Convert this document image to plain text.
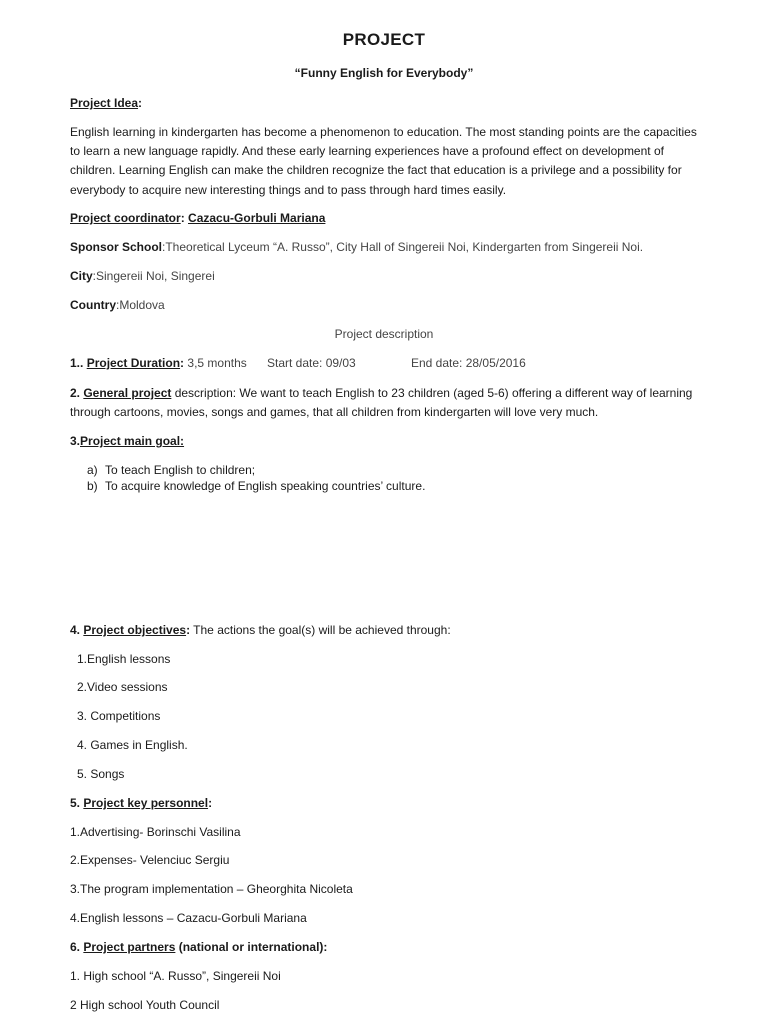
PROJECT
“Funny English for Everybody”
Project Idea:
English learning in kindergarten has become a phenomenon to education. The most standing points are the capacities to learn a new language rapidly. And these early learning experiences have a profound effect on development of children. Learning English can make the children recognize the fact that education is a privilege and a possibility for everybody to acquire new interesting things and to pass through hard times easily.
Project coordinator: Cazacu-Gorbuli Mariana
Sponsor School:Theoretical Lyceum “A. Russo”, City Hall of Singereii Noi, Kindergarten from Singereii Noi.
City:Singereii Noi, Singerei
Country:Moldova
Project description
1.. Project Duration: 3,5 months Start date: 09/03	End date: 28/05/2016
2. General project description: We want to teach English to 23 children (aged 5-6) offering a different way of learning through cartoons, movies, songs and games, that all children from kindergarten will love very much.
3.Project main goal:
a) To teach English to children;
b) To acquire knowledge of English speaking countries’ culture.
4. Project objectives: The actions the goal(s) will be achieved through:
1.English lessons
2.Video sessions
3. Competitions
4. Games in English.
5. Songs
5. Project key personnel:
1.Advertising- Borinschi Vasilina
2.Expenses- Velenciuc Sergiu
3.The program implementation – Gheorghita Nicoleta
4.English lessons – Cazacu-Gorbuli Mariana
6. Project partners (national or international):
1. High school “A. Russo”, Singereii Noi
2 High school Youth Council
